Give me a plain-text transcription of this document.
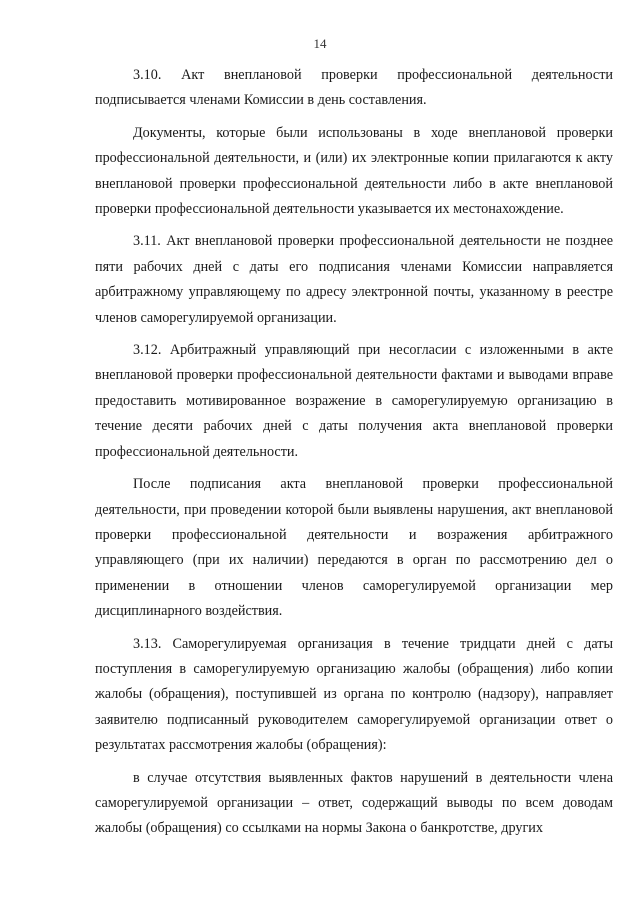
14

3.10. Акт внеплановой проверки профессиональной деятельности подписывается членами Комиссии в день составления.

Документы, которые были использованы в ходе внеплановой проверки профессиональной деятельности, и (или) их электронные копии прилагаются к акту внеплановой проверки профессиональной деятельности либо в акте внеплановой проверки профессиональной деятельности указывается их местонахождение.

3.11. Акт внеплановой проверки профессиональной деятельности не позднее пяти рабочих дней с даты его подписания членами Комиссии направляется арбитражному управляющему по адресу электронной почты, указанному в реестре членов саморегулируемой организации.

3.12. Арбитражный управляющий при несогласии с изложенными в акте внеплановой проверки профессиональной деятельности фактами и выводами вправе предоставить мотивированное возражение в саморегулируемую организацию в течение десяти рабочих дней с даты получения акта внеплановой проверки профессиональной деятельности.

После подписания акта внеплановой проверки профессиональной деятельности, при проведении которой были выявлены нарушения, акт внеплановой проверки профессиональной деятельности и возражения арбитражного управляющего (при их наличии) передаются в орган по рассмотрению дел о применении в отношении членов саморегулируемой организации мер дисциплинарного воздействия.

3.13. Саморегулируемая организация в течение тридцати дней с даты поступления в саморегулируемую организацию жалобы (обращения) либо копии жалобы (обращения), поступившей из органа по контролю (надзору), направляет заявителю подписанный руководителем саморегулируемой организации ответ о результатах рассмотрения жалобы (обращения):

в случае отсутствия выявленных фактов нарушений в деятельности члена саморегулируемой организации – ответ, содержащий выводы по всем доводам жалобы (обращения) со ссылками на нормы Закона о банкротстве, других
